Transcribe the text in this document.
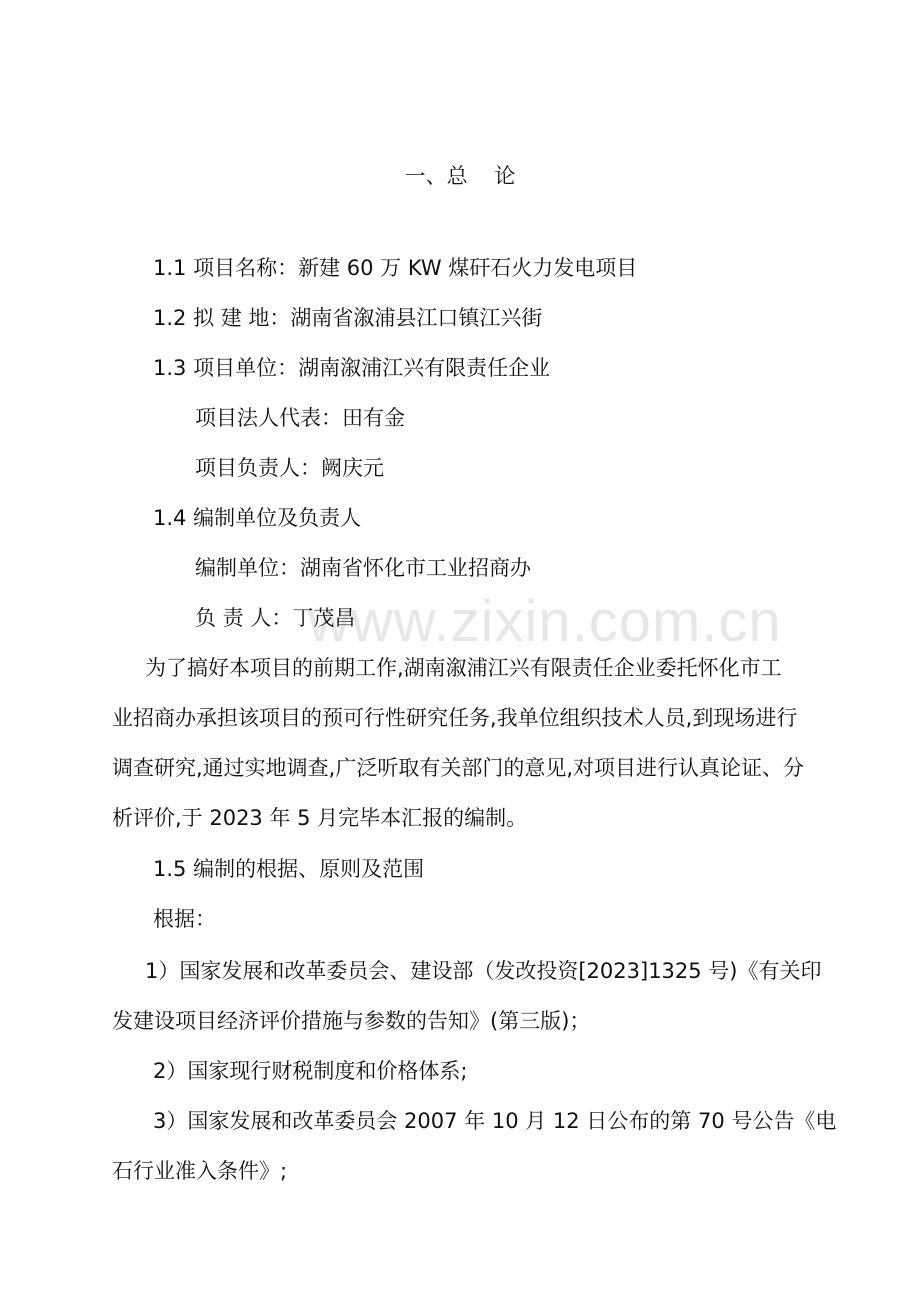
www.zixin.com.cn
一、总    论
1.1 项目名称：新建 60 万 KW 煤矸石火力发电项目
1.2 拟 建 地：湖南省溆浦县江口镇江兴街
1.3 项目单位：湖南溆浦江兴有限责任企业
项目法人代表：田有金
项目负责人：阙庆元
1.4 编制单位及负责人
编制单位：湖南省怀化市工业招商办
负 责 人：丁茂昌
为了搞好本项目的前期工作,湖南溆浦江兴有限责任企业委托怀化市工
业招商办承担该项目的预可行性研究任务,我单位组织技术人员,到现场进行
调查研究,通过实地调查,广泛听取有关部门的意见,对项目进行认真论证、分
析评价,于 2023 年 5 月完毕本汇报的编制。
1.5 编制的根据、原则及范围
根据：
1）国家发展和改革委员会、建设部（发改投资[2023]1325 号)《有关印
发建设项目经济评价措施与参数的告知》(第三版)；
2）国家现行财税制度和价格体系;
3）国家发展和改革委员会 2007 年 10 月 12 日公布的第 70 号公告《电
石行业准入条件》;
